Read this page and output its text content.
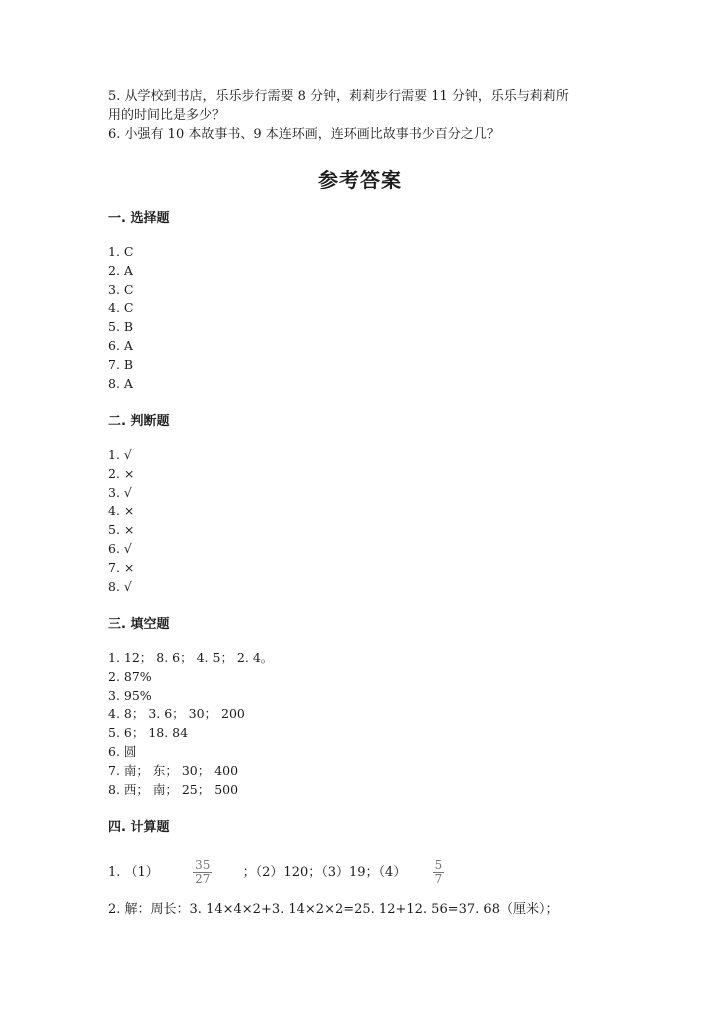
5. 从学校到书店，乐乐步行需要 8 分钟，莉莉步行需要 11 分钟，乐乐与莉莉所
用的时间比是多少？
6. 小强有 10 本故事书、9 本连环画，连环画比故事书少百分之几？
参考答案
一. 选择题
1. C
2. A
3. C
4. C
5. B
6. A
7. B
8. A
二. 判断题
1. √
2. ×
3. √
4. ×
5. ×
6. √
7. ×
8. √
三. 填空题
1. 12； 8. 6； 4. 5； 2. 4。
2. 87%
3. 95%
4. 8； 3. 6； 30； 200
5. 6； 18. 84
6. 圆
7. 南； 东； 30； 400
8. 西； 南； 25； 500
四. 计算题
1. （1）	$\frac{35}{27}$ ；（2）120；（3）19；$(4) \frac{5}{7}$
2. 解：周长：3. 14×4×2+3. 14×2×2=25. 12+12. 56=37. 68（厘米）；
